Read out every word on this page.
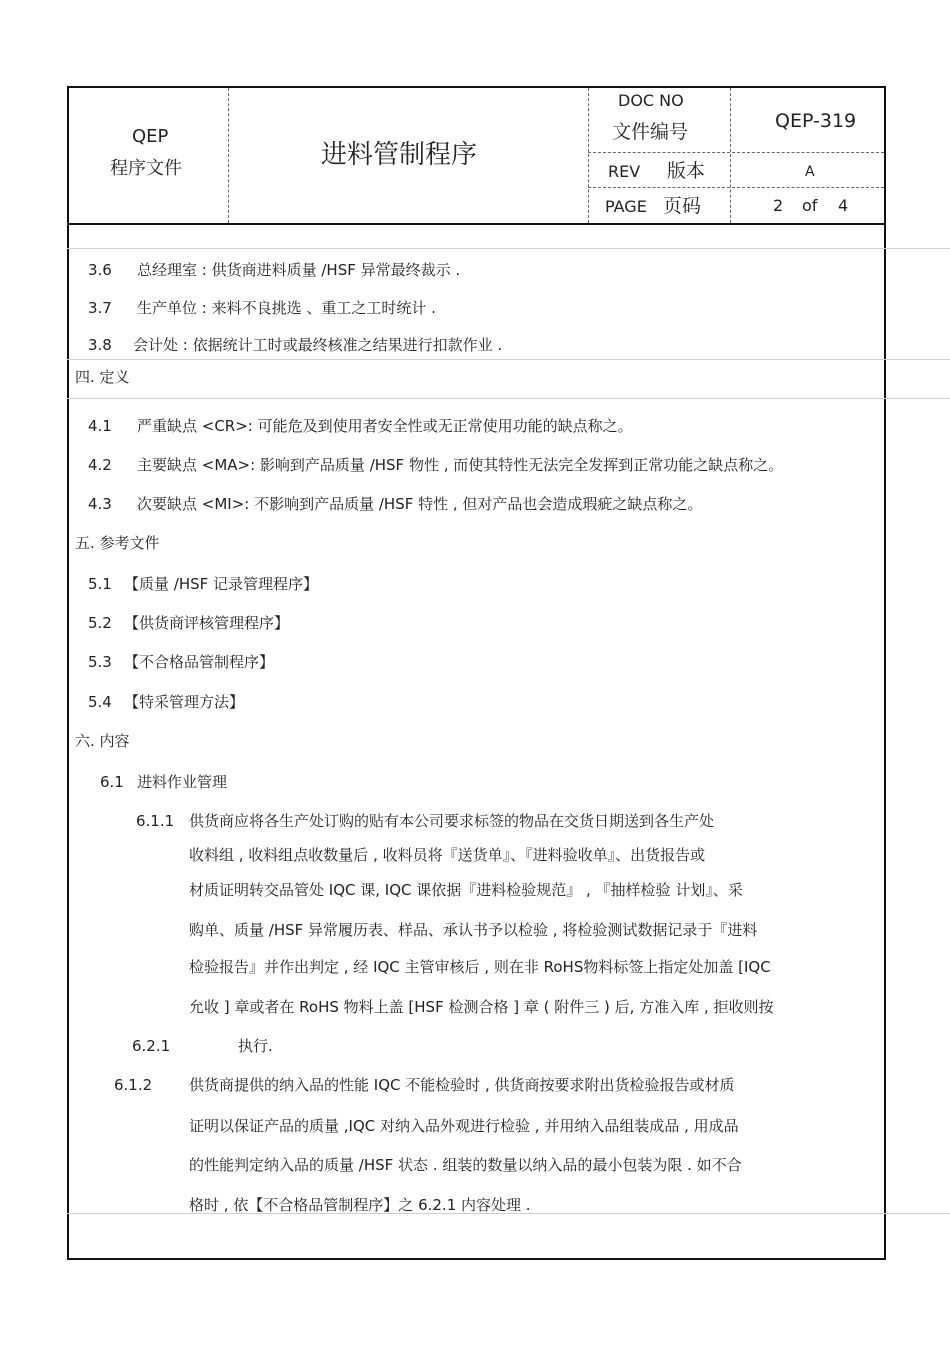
QEP
程序文件	进料管制程序
DOC NO
文件编号	QEP-319
REV 版本	A
PAGE 页码	2 of 4
3.6 总经理室 : 供货商进料质量 /HSF 异常最终裁示 .
3.7 生产单位 : 来料不良挑选 、重工之工时统计 .
3.8 会计处 : 依据统计工时或最终核准之结果进行扣款作业 .
四. 定义
4.1 严重缺点 <CR>: 可能危及到使用者安全性或无正常使用功能的缺点称之。
4.2 主要缺点 <MA>: 影响到产品质量 /HSF 物性 , 而使其特性无法完全发挥到正常功能之缺点称之。
4.3 次要缺点 <MI>: 不影响到产品质量 /HSF 特性 , 但对产品也会造成瑕疵之缺点称之。
五. 参考文件
5.1 【质量 /HSF 记录管理程序】
5.2 【供货商评核管理程序】
5.3 【不合格品管制程序】
5.4 【特采管理方法】
六. 内容
6.1 进料作业管理
6.1.1 供货商应将各生产处订购的贴有本公司要求标签的物品在交货日期送到各生产处
收料组 , 收料组点收数量后 , 收料员将『送货单』、『进料验收单』、出货报告或
材质证明转交品管处 IQC 课, IQC 课依据『进料检验规范』 , 『抽样检验 计划』、采
购单、质量 /HSF 异常履历表、样品、承认书予以检验 , 将检验测试数据记录于『进料
检验报告』并作出判定 , 经 IQC 主管审核后 , 则在非 RoHS物料标签上指定处加盖 [IQC
允收 ] 章或者在 RoHS 物料上盖 [HSF 检测合格 ] 章 ( 附件三 ) 后, 方准入库 , 拒收则按
6.2.1	执行.
6.1.2 供货商提供的纳入品的性能 IQC 不能检验时 , 供货商按要求附出货检验报告或材质
证明以保证产品的质量 ,IQC 对纳入品外观进行检验 , 并用纳入品组装成品 , 用成品
的性能判定纳入品的质量 /HSF 状态 . 组装的数量以纳入品的最小包装为限 . 如不合
格时 , 依【不合格品管制程序】之 6.2.1 内容处理 .
